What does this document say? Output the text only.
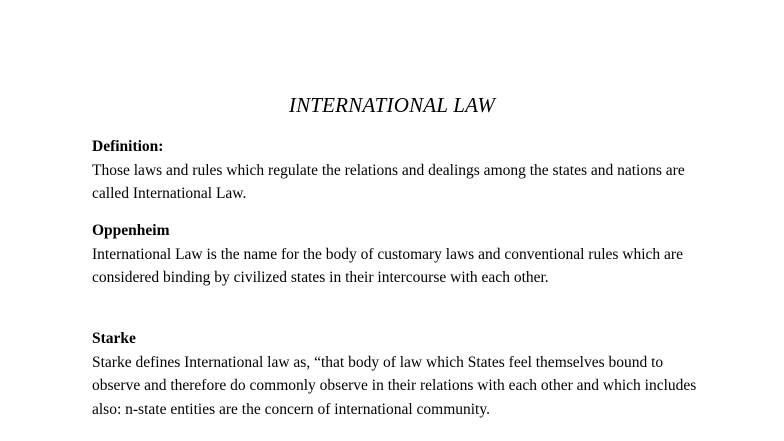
INTERNATIONAL LAW
Definition:
Those laws and rules which regulate the relations and dealings among the states and nations are called International Law.
Oppenheim
International Law is the name for the body of customary laws and conventional rules which are considered binding by civilized states in their intercourse with each other.
Starke
Starke defines International law as, “that body of law which States feel themselves bound to observe and therefore do commonly observe in their relations with each other and which includes also: n-state entities are the concern of international community.
